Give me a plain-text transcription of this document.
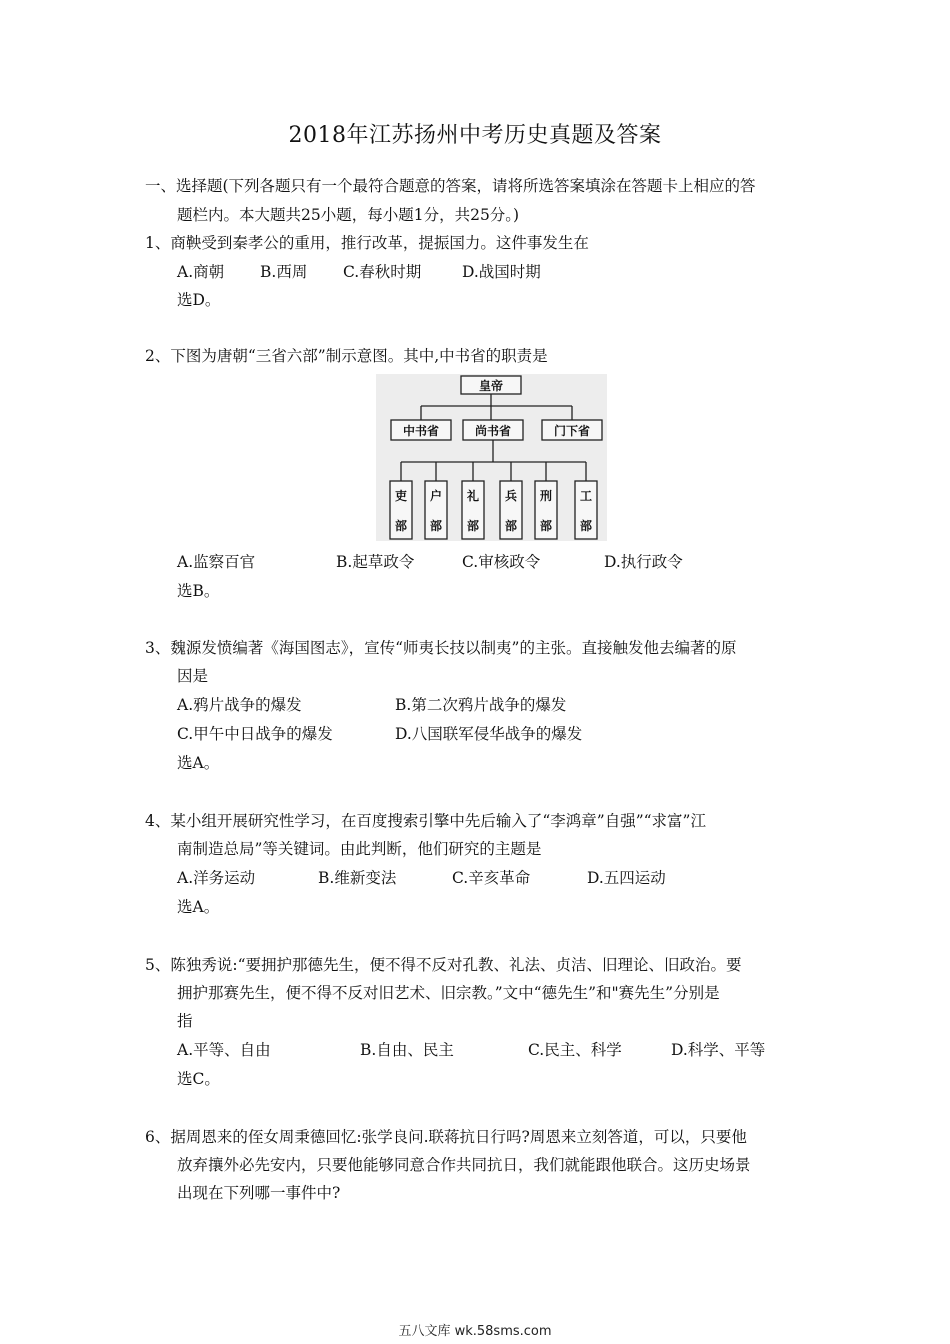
2018年江苏扬州中考历史真题及答案
一、选择题(下列各题只有一个最符合题意的答案，请将所选答案填涂在答题卡上相应的答
题栏内。本大题共25小题，每小题1分，共25分。)
1、商鞅受到秦孝公的重用，推行改革，提振国力。这件事发生在
A.商朝 B.西周 C.春秋时期	D.战国时期
选D。
2、下图为唐朝“三省六部”制示意图。其中,中书省的职责是
皇帝
中书省	尚书省	门下省
吏
部
户
部
礼
部
兵
部
刑
部
工
部
A.监察百官	B.起草政令	C.审核政令	D.执行政令
选B。
3、魏源发愤编著《海国图志》，宣传“师夷长技以制夷”的主张。直接触发他去编著的原
因是
A.鸦片战争的爆发	B.第二次鸦片战争的爆发
C.甲午中日战争的爆发	D.八国联军侵华战争的爆发
选A。
4、某小组开展研究性学习，在百度搜索引擎中先后输入了“李鸿章”自强”“求富”江
南制造总局”等关键词。由此判断，他们研究的主题是
A.洋务运动	B.维新变法	C.辛亥革命	D.五四运动
选A。
5、陈独秀说:“要拥护那德先生，便不得不反对孔教、礼法、贞洁、旧理论、旧政治。要
拥护那赛先生，便不得不反对旧艺术、旧宗教。”文中“德先生”和"赛先生”分别是
指
A.平等、自由	B.自由、民主	C.民主、科学	D.科学、平等
选C。
6、据周恩来的侄女周秉德回忆:张学良问.联蒋抗日行吗?周恩来立刻答道，可以，只要他
放弃攘外必先安内，只要他能够同意合作共同抗日，我们就能跟他联合。这历史场景
出现在下列哪一事件中?
五八文库 wk.58sms.com
